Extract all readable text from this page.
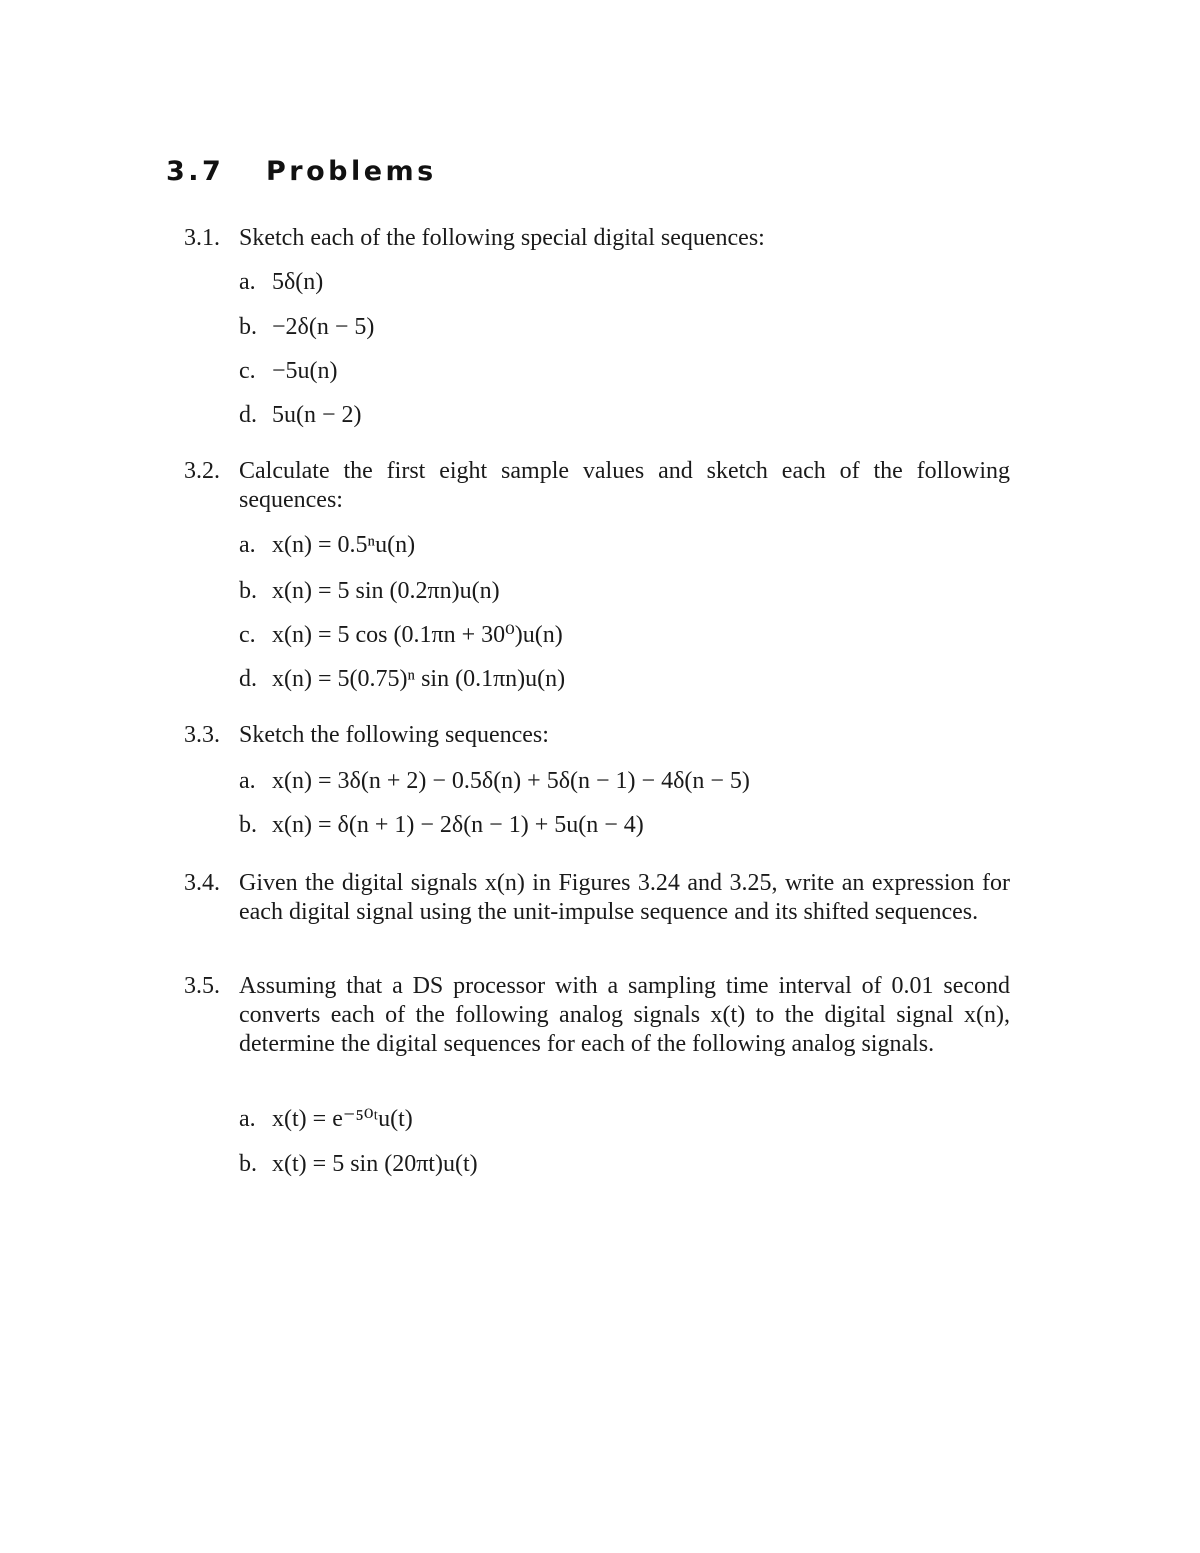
3.7 Problems
3.1. Sketch each of the following special digital sequences:
a. 5δ(n)
b. −2δ(n − 5)
c. −5u(n)
d. 5u(n − 2)
3.2. Calculate the first eight sample values and sketch each of the following sequences:
a. x(n) = 0.5ⁿu(n)
b. x(n) = 5 sin (0.2πn)u(n)
c. x(n) = 5 cos (0.1πn + 30⁰)u(n)
d. x(n) = 5(0.75)ⁿ sin (0.1πn)u(n)
3.3. Sketch the following sequences:
a. x(n) = 3δ(n + 2) − 0.5δ(n) + 5δ(n − 1) − 4δ(n − 5)
b. x(n) = δ(n + 1) − 2δ(n − 1) + 5u(n − 4)
3.4. Given the digital signals x(n) in Figures 3.24 and 3.25, write an expression for each digital signal using the unit-impulse sequence and its shifted sequences.
3.5. Assuming that a DS processor with a sampling time interval of 0.01 second converts each of the following analog signals x(t) to the digital signal x(n), determine the digital sequences for each of the following analog signals.
a. x(t) = e⁻⁵⁰ᵗu(t)
b. x(t) = 5 sin (20πt)u(t)
